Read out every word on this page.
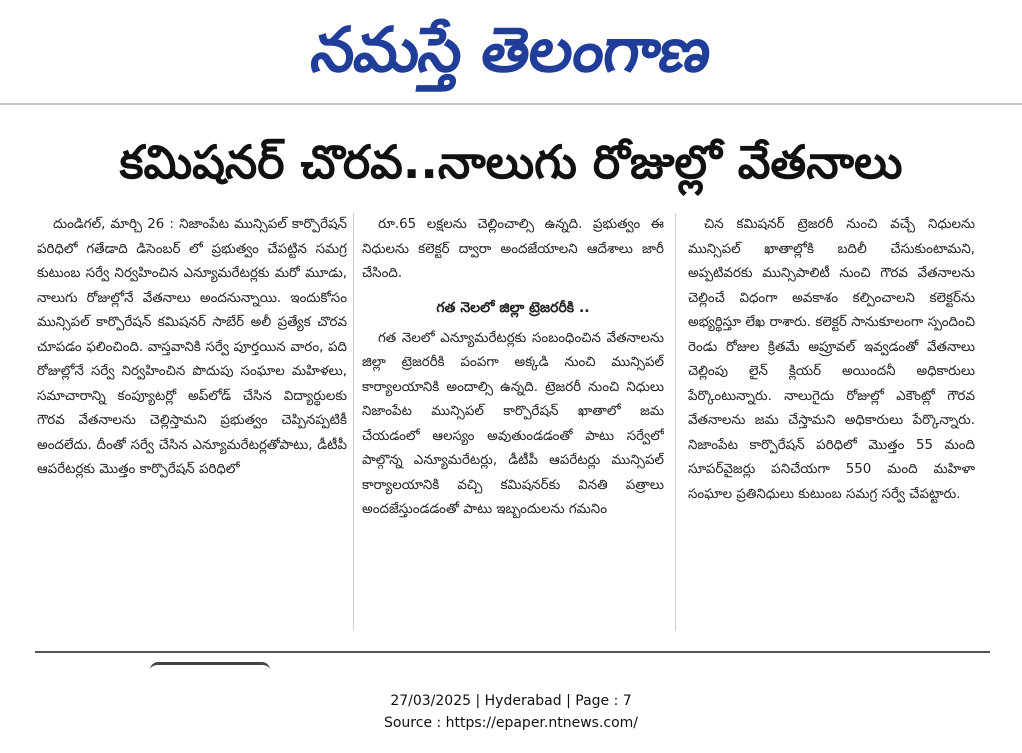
నమస్తే తెలంగాణ
కమిషనర్ చొరవ..నాలుగు రోజుల్లో వేతనాలు

దుండిగల్, మార్చి 26 : నిజాంపేట మున్సిపల్ కార్పొరేషన్ పరిధిలో గతేడాది డిసెంబర్ లో ప్రభుత్వం చేపట్టిన సమగ్ర కుటుంబ సర్వే నిర్వహించిన ఎన్యూమరేటర్లకు మరో మూడు, నాలుగు రోజుల్లోనే వేతనాలు అందనున్నాయి. ఇందుకోసం మున్సిపల్ కార్పొరేషన్ కమిషనర్ సాబేర్ అలీ ప్రత్యేక చొరవ చూపడం ఫలించింది. వాస్తవానికి సర్వే పూర్తయిన వారం, పది రోజుల్లోనే సర్వే నిర్వహించిన పొదుపు సంఘాల మహిళలు, సమాచారాన్ని కంప్యూటర్లో అప్‌లోడ్ చేసిన విద్యార్థులకు గౌరవ వేతనాలను చెల్లిస్తామని ప్రభుత్వం చెప్పినప్పటికీ అందలేదు. దీంతో సర్వే చేసిన ఎన్యూమరేటర్లతోపాటు, డీటీపీ ఆపరేటర్లకు మొత్తం కార్పొరేషన్ పరిధిలో

రూ.65 లక్షలను చెల్లించాల్సి ఉన్నది. ప్రభుత్వం ఈ నిధులను కలెక్టర్ ద్వారా అందజేయాలని ఆదేశాలు జారీ చేసింది.

గత నెలలో జిల్లా ట్రెజరరీకి ..

గత నెలలో ఎన్యూమరేటర్లకు సంబంధించిన వేతనాలను జిల్లా ట్రెజరరీకి పంపగా అక్కడి నుంచి మున్సిపల్ కార్యాలయానికి అందాల్సి ఉన్నది. ట్రెజరరీ నుంచి నిధులు నిజాంపేట మున్సిపల్ కార్పొరేషన్ ఖాతాలో జమ చేయడంలో ఆలస్యం అవుతుండడంతో పాటు సర్వేలో పాల్గొన్న ఎన్యూమరేటర్లు, డీటీపీ ఆపరేటర్లు మున్సిపల్ కార్యాలయానికి వచ్చి కమిషనర్‌కు వినతి పత్రాలు అందజేస్తుండడంతో పాటు ఇబ్బందులను గమనిం

చిన కమిషనర్ ట్రెజరరీ నుంచి వచ్చే నిధులను మున్సిపల్ ఖాతాల్లోకి బదిలీ చేసుకుంటామని, అప్పటివరకు మున్సిపాలిటీ నుంచి గౌరవ వేతనాలను చెల్లించే విధంగా అవకాశం కల్పించాలని కలెక్టర్‌ను అభ్యర్థిస్తూ లేఖ రాశారు. కలెక్టర్ సానుకూలంగా స్పందించి రెండు రోజుల క్రితమే అప్రూవల్ ఇవ్వడంతో వేతనాలు చెల్లింపు లైన్ క్లియర్ అయిందనీ అధికారులు పేర్కొంటున్నారు. నాలుగైదు రోజుల్లో ఎకౌంట్లో గౌరవ వేతనాలను జమ చేస్తామని అధికారులు పేర్కొన్నారు. నిజాంపేట కార్పొరేషన్ పరిధిలో మొత్తం 55 మంది సూపర్‌వైజర్లు పనిచేయగా 550 మంది మహిళా సంఘాల ప్రతినిధులు కుటుంబ సమగ్ర సర్వే చేపట్టారు.

27/03/2025 | Hyderabad | Page : 7
Source : https://epaper.ntnews.com/
